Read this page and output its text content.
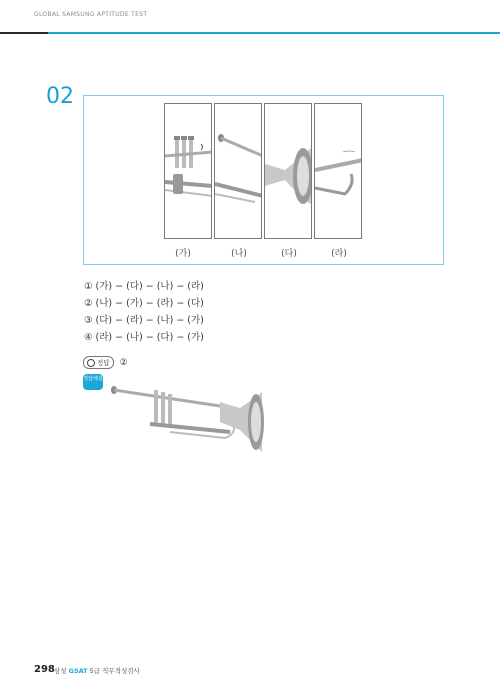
GLOBAL SAMSUNG APTITUDE TEST
02
(가)	(나)	(다)	(라)
① (가) − (다) − (나) − (라)
② (나) − (가) − (라) − (다)
③ (다) − (라) − (나) − (가)
④ (라) − (나) − (다) − (가)
정답 ②
정답해설
298 삼성 GSAT 5급 직무적성검사
